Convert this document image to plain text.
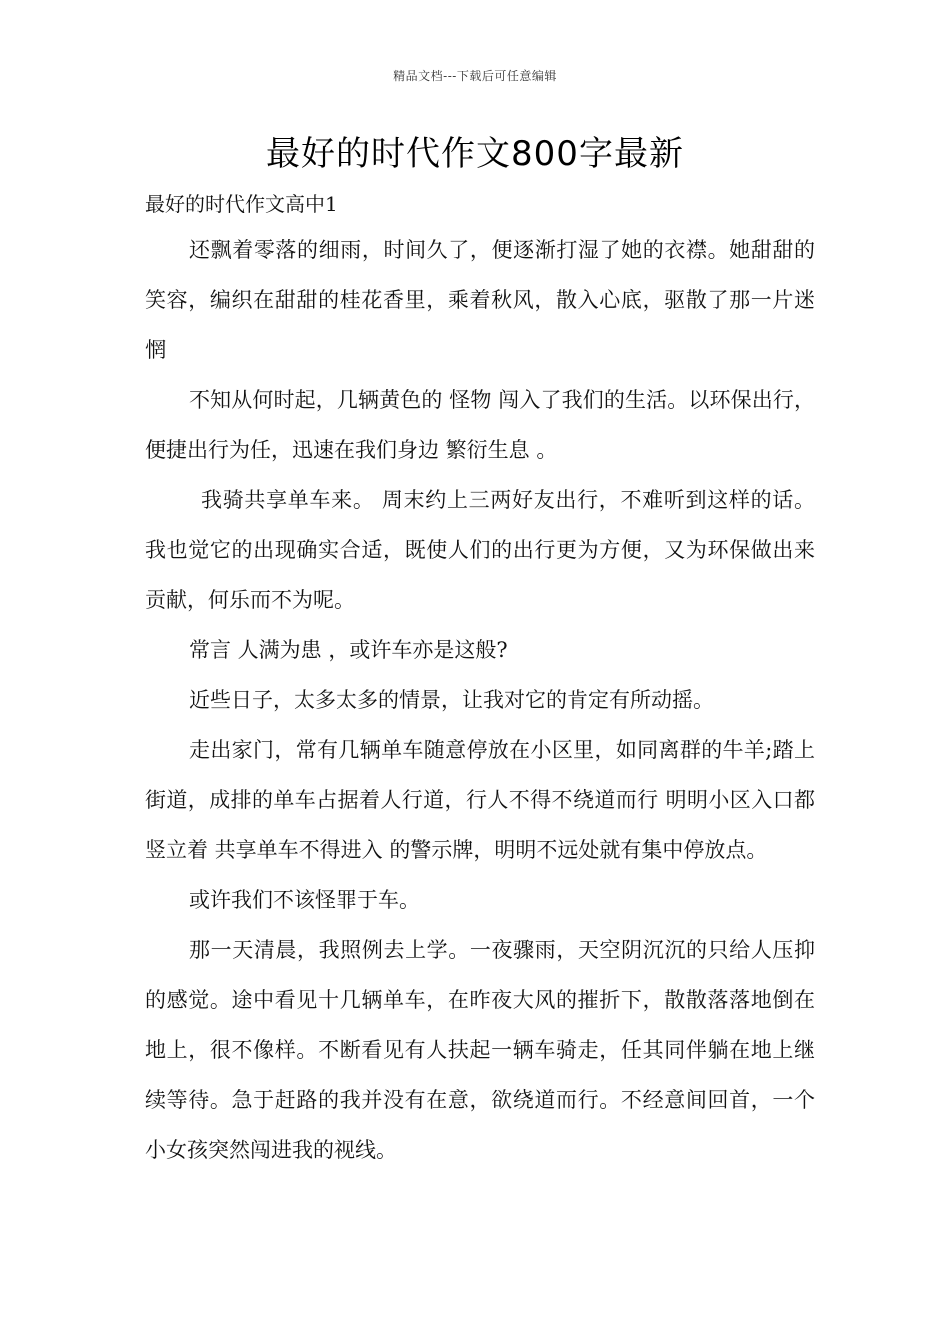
精品文档---下载后可任意编辑
最好的时代作文800字最新

最好的时代作文高中1

还飘着零落的细雨，时间久了，便逐渐打湿了她的衣襟。她甜甜的笑容，编织在甜甜的桂花香里，乘着秋风，散入心底，驱散了那一片迷惘

不知从何时起，几辆黄色的 怪物 闯入了我们的生活。以环保出行，便捷出行为任，迅速在我们身边 繁衍生息 。

我骑共享单车来。 周末约上三两好友出行，不难听到这样的话。我也觉它的出现确实合适，既使人们的出行更为方便，又为环保做出来贡献，何乐而不为呢。

常言 人满为患 ，或许车亦是这般?

近些日子，太多太多的情景，让我对它的肯定有所动摇。

走出家门，常有几辆单车随意停放在小区里，如同离群的牛羊;踏上街道，成排的单车占据着人行道，行人不得不绕道而行 明明小区入口都竖立着 共享单车不得进入 的警示牌，明明不远处就有集中停放点。

或许我们不该怪罪于车。

那一天清晨，我照例去上学。一夜骤雨，天空阴沉沉的只给人压抑的感觉。途中看见十几辆单车，在昨夜大风的摧折下，散散落落地倒在地上，很不像样。不断看见有人扶起一辆车骑走，任其同伴躺在地上继续等待。急于赶路的我并没有在意，欲绕道而行。不经意间回首，一个小女孩突然闯进我的视线。
